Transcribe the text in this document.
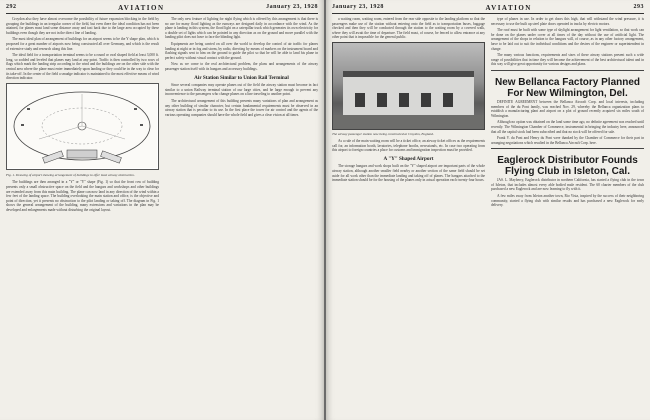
292	AVIATION	January 23, 1928

Croydon also they have almost overcome the possibility of future expansion blocking in the field by grouping the buildings in an irregular corner of the field, but even there the ideal condition has not been attained, for planes must land some distance away and taxi back due to the large area occupied by these buildings even though they are not in the direct line of landing.

The most ideal plan of arrangement of buildings for an airport seems to be the Y shape plan, which is proposed for a great number of airports now being constructed all over Germany, and which is the result of extensive study and research along this line.

The ideal field for a transportation terminal seems to be a round or oval shaped field at least 3,000 ft. long, so sodded and leveled that planes may land at any point. Traffic is then controlled by two rows of flags which mark the landing strip according to the wind and the buildings are on the other side with the central area where the plane must enter immediately upon landing or they could be in the way to clear for its take-off. In the center of the field a smudge indicator is maintained to the most effective means of wind direction indicator.

Fig. 1. Drawing of airport showing arrangement of buildings to offer least airway obstruction.

The buildings are then arranged in a "Y" or "Y" shape (Fig. 1) so that the front row of building presents only a small obstructive space on the field and the hangars and workshops and other buildings are extended away from this main building. The plane can now land in any direction of the wind within a few feet of the landing space. The building overlooking the main station and office, is the objective and point of direction, yet it presents no obstruction to the pilot landing or taking off. The diagram in Fig. 1 shows the general arrangement of the building, many extensions and variations in the plan may be developed and enlargements made without disturbing the original layout.

The only new feature of lighting for night flying which is offered by this arrangement is that there is no use for many flood lighting as the runways are designed daily in accordance with the wind. As the plane is landing in this system, the flood light on a caterpillar truck which generates its own electricity for a double set of lights which can be pointed in any direction as on the ground and move parallel with the landing pilot does not have to face the blinding light.

Equipments are being carried on all over the world to develop the control of air traffic for planes landing at night or in fog and storm, by radio, directing by means of markers on the instrument board and flashing signals sent to him on the ground to guide the pilot so that he will be able to land his plane in perfect safety without visual contact with the ground.

Now as we come to the real architectural problem, the plans and arrangements of the airway passenger station itself with its hangars and accessory buildings.

Air Station Similar to Union Rail Terminal

Since several companies may operate planes out of the field the airway station must become in fact similar to a union Railway terminal station of our large cities, and be large enough to prevent any inconvenience to the passengers who change planes on a line traveling to another point.

The architectural arrangement of this building presents many variations of plan and arrangement as any other building of similar character, but certain fundamental requirements must be observed in an airway station that is peculiar to its use. In the first place the tower for air control and the agents of the various operating companies should have the whole field and gives a clear vision at all times.

January 23, 1928	AVIATION	293

a waiting room, waiting room, entered from the rear side opposite to the landing platform so that the passengers make use of the station without entering onto the field as to transportation buses, baggage checked and then they will be conducted through the station to the waiting room by a covered walk, where they will await the time of departure. The field must, of course, be fenced to allow entrance at any other point that is impossible for the general public.

The airway passenger station now being constructed at Croydon, England.

As a rule of the main waiting room will be a ticket office, an airway ticket offices as the requirements call for, an information booth, lavatories, telephone booths, newsstands, etc. In case two operating from this airport to foreign countries a place for customs and immigration inspection must be provided.

A "Y" Shaped Airport

The storage hangars and work shops built on the "Y" shaped airport are important parts of the whole airway station, although another smaller field nearby or another section of the same field should be set aside for all work other than the immediate landing and taking off of planes. The hangars attached to the immediate station should be for the housing of the planes only in actual operation each twenty-four hours.

type of planes in use. In order to get doors this high, that will withstand the wind pressure, it is necessary to use the built up steel plate doors operated in tracks by electric motors.

The roof must be built with some type of skylight arrangement for light ventilation, so that work can be done on the planes under cover at all times of the day without the use of artificial light. The arrangement of the shops in relation to the hangars will, of course, as in any other factory arrangement, have to be laid out to suit the individual conditions and the desires of the engineer or superintendent in charge.

The many various functions, requirements and sizes of these airway stations present such a wide range of possibilities that in time they will become the achievement of the best architectural talent and in this way will give great opportunity for various designs and plans.

New Bellanca Factory Planned For New Wilmington, Del.

DEFINITE AGREEMENT between the Bellanca Aircraft Corp. and local interests, including members of the du Pont family, was reached Nov. 29, whereby the Bellanca organization plans to establish a manufacturing plant and airport on a plot of ground recently acquired six miles south of Wilmington.

Although no option was obtained on the land some time ago, no definite agreement was reached until recently. The Wilmington Chamber of Commerce, instrumental in bringing the industry here, announced that all the capital stock had been subscribed and that no stock will be offered for sale.

Frank V. du Pont and Henry du Pont were thanked by the Chamber of Commerce for their part in arranging negotiations which resulted in the Bellanca Aircraft Corp. here.

Eaglerock Distributor Founds Flying Club in Isleton, Cal.

JAS. L. Mayberry, Eaglerock distributor in northern California, has started a flying club in the town of Isleton, that includes almost every able bodied male resident. The 60 charter members of the club purchased a new Eaglerock and are now learning to fly with it.

A few miles away from Isleton another town, Rio Vista, inspired by the success of their neighboring community, started a flying club with similar results and has purchased a new Eaglerock for early delivery.
